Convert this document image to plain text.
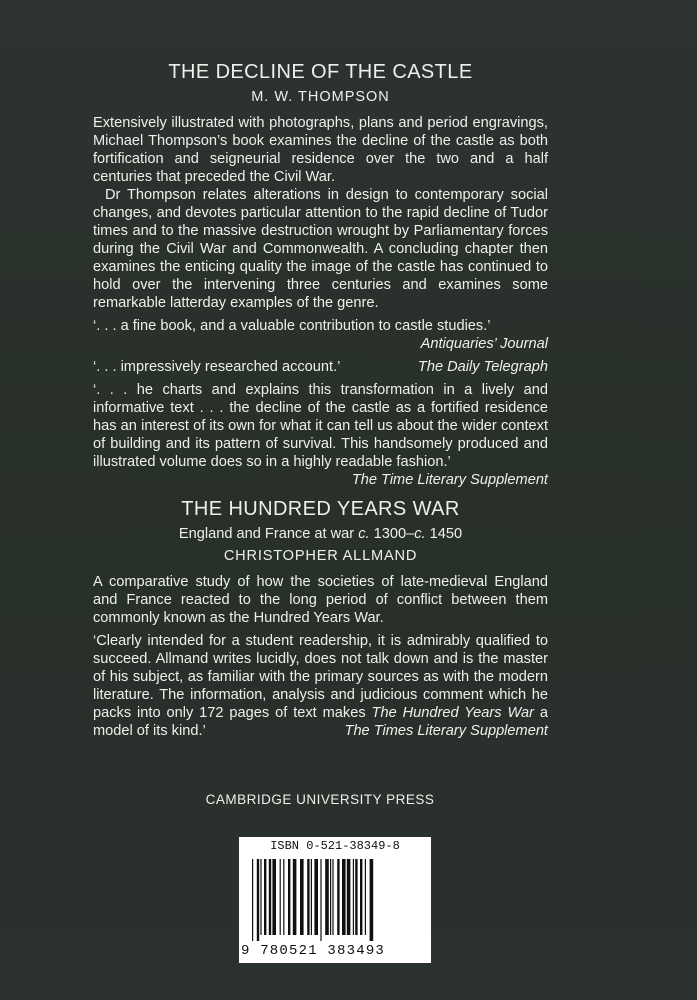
THE DECLINE OF THE CASTLE
M. W. THOMPSON

Extensively illustrated with photographs, plans and period engravings, Michael Thompson’s book examines the decline of the castle as both fortification and seigneurial residence over the two and a half centuries that preceded the Civil War.

Dr Thompson relates alterations in design to contemporary social changes, and devotes particular attention to the rapid decline of Tudor times and to the massive destruction wrought by Parliamentary forces during the Civil War and Commonwealth. A concluding chapter then examines the enticing quality the image of the castle has continued to hold over the intervening three centuries and examines some remarkable latterday examples of the genre.

‘. . . a fine book, and a valuable contribution to castle studies.’

Antiquaries’ Journal
The Daily Telegraph
‘. . . impressively researched account.’

‘. . . he charts and explains this transformation in a lively and informative text . . . the decline of the castle as a fortified residence has an interest of its own for what it can tell us about the wider context of building and its pattern of survival. This handsomely produced and illustrated volume does so in a highly readable fashion.’
The Time Literary Supplement

THE HUNDRED YEARS WAR
England and France at war c. 1300–c. 1450
CHRISTOPHER ALLMAND

A comparative study of how the societies of late-medieval England and France reacted to the long period of conflict between them commonly known as the Hundred Years War.

‘Clearly intended for a student readership, it is admirably qualified to succeed. Allmand writes lucidly, does not talk down and is the master of his subject, as familiar with the primary sources as with the modern literature. The information, analysis and judicious comment which he packs into only 172 pages of text makes The Hundred Years War a model of its kind.’	The Times Literary Supplement

CAMBRIDGE UNIVERSITY PRESS
ISBN 0-521-38349-8
9 780521 383493
